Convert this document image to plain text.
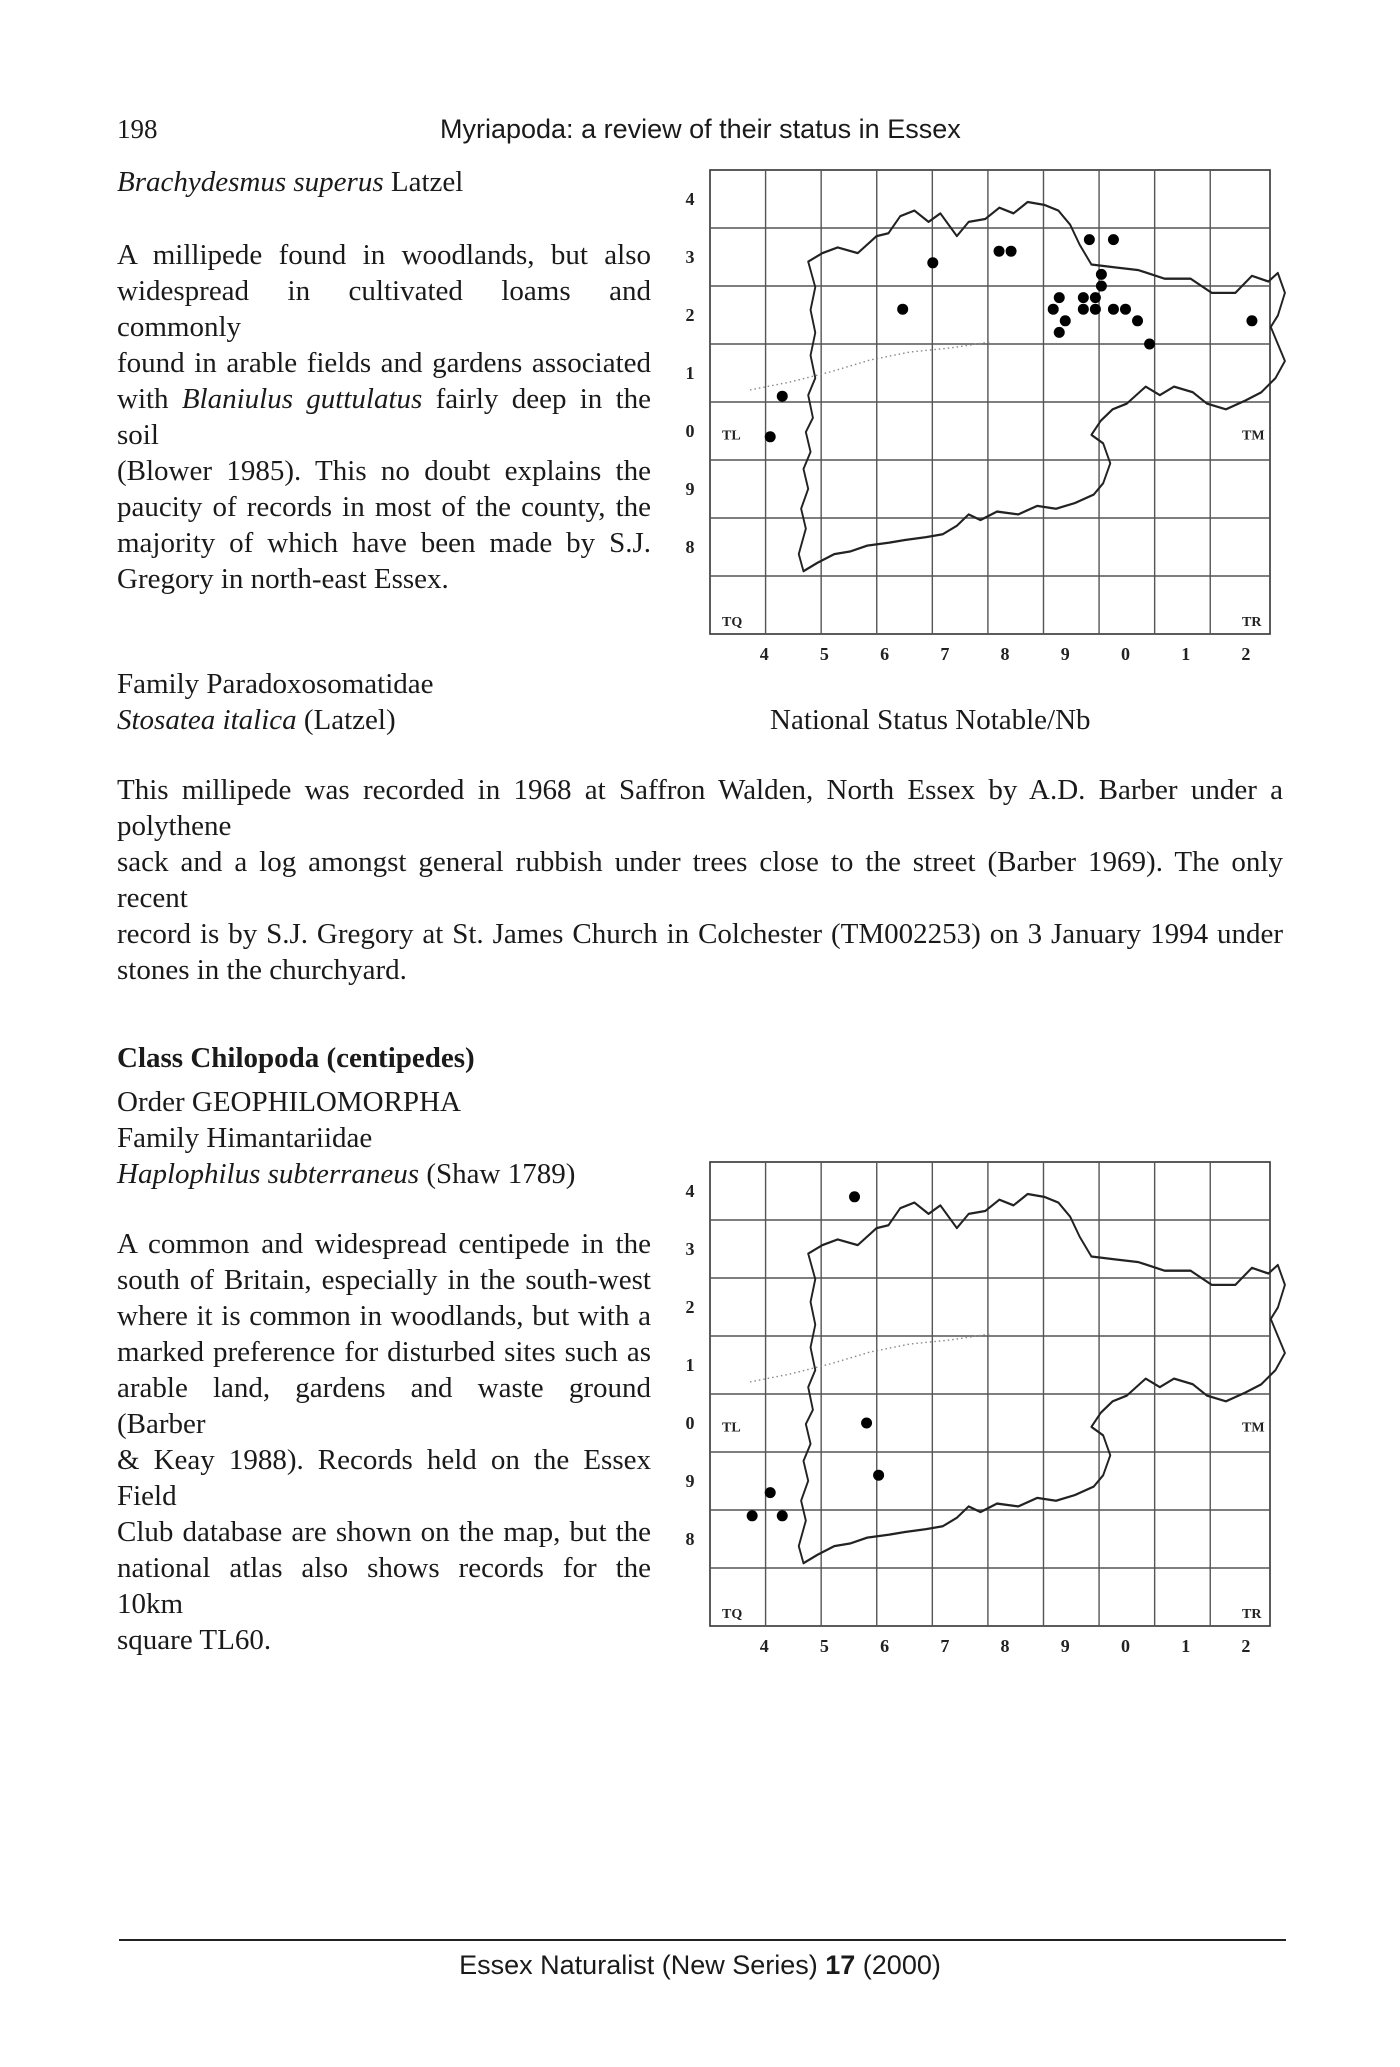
198	Myriapoda: a review of their status in Essex
Brachydesmus superus Latzel
A millipede found in woodlands, but also
widespread in cultivated loams and commonly
found in arable fields and gardens associated
with Blaniulus guttulatus fairly deep in the soil
(Blower 1985). This no doubt explains the
paucity of records in most of the county, the
majority of which have been made by S.J.
Gregory in north-east Essex.
4	5	6	7	8	9	0	1	2
4
3
2
1
0
9
8
TL	TM
TQ	TR
Family Paradoxosomatidae
Stosatea italica (Latzel)	National Status Notable/Nb
This millipede was recorded in 1968 at Saffron Walden, North Essex by A.D. Barber under a polythene
sack and a log amongst general rubbish under trees close to the street (Barber 1969). The only recent
record is by S.J. Gregory at St. James Church in Colchester (TM002253) on 3 January 1994 under
stones in the churchyard.
Class Chilopoda (centipedes)
Order GEOPHILOMORPHA
Family Himantariidae
Haplophilus subterraneus (Shaw 1789)
A common and widespread centipede in the
south of Britain, especially in the south-west
where it is common in woodlands, but with a
marked preference for disturbed sites such as
arable land, gardens and waste ground (Barber
& Keay 1988). Records held on the Essex Field
Club database are shown on the map, but the
national atlas also shows records for the 10km
square TL60.	4	5	6	7	8	9	0	1	2
4
3
2
1
0
9
8
TL	TM
TQ	TR
Essex Naturalist (New Series) 17 (2000)
